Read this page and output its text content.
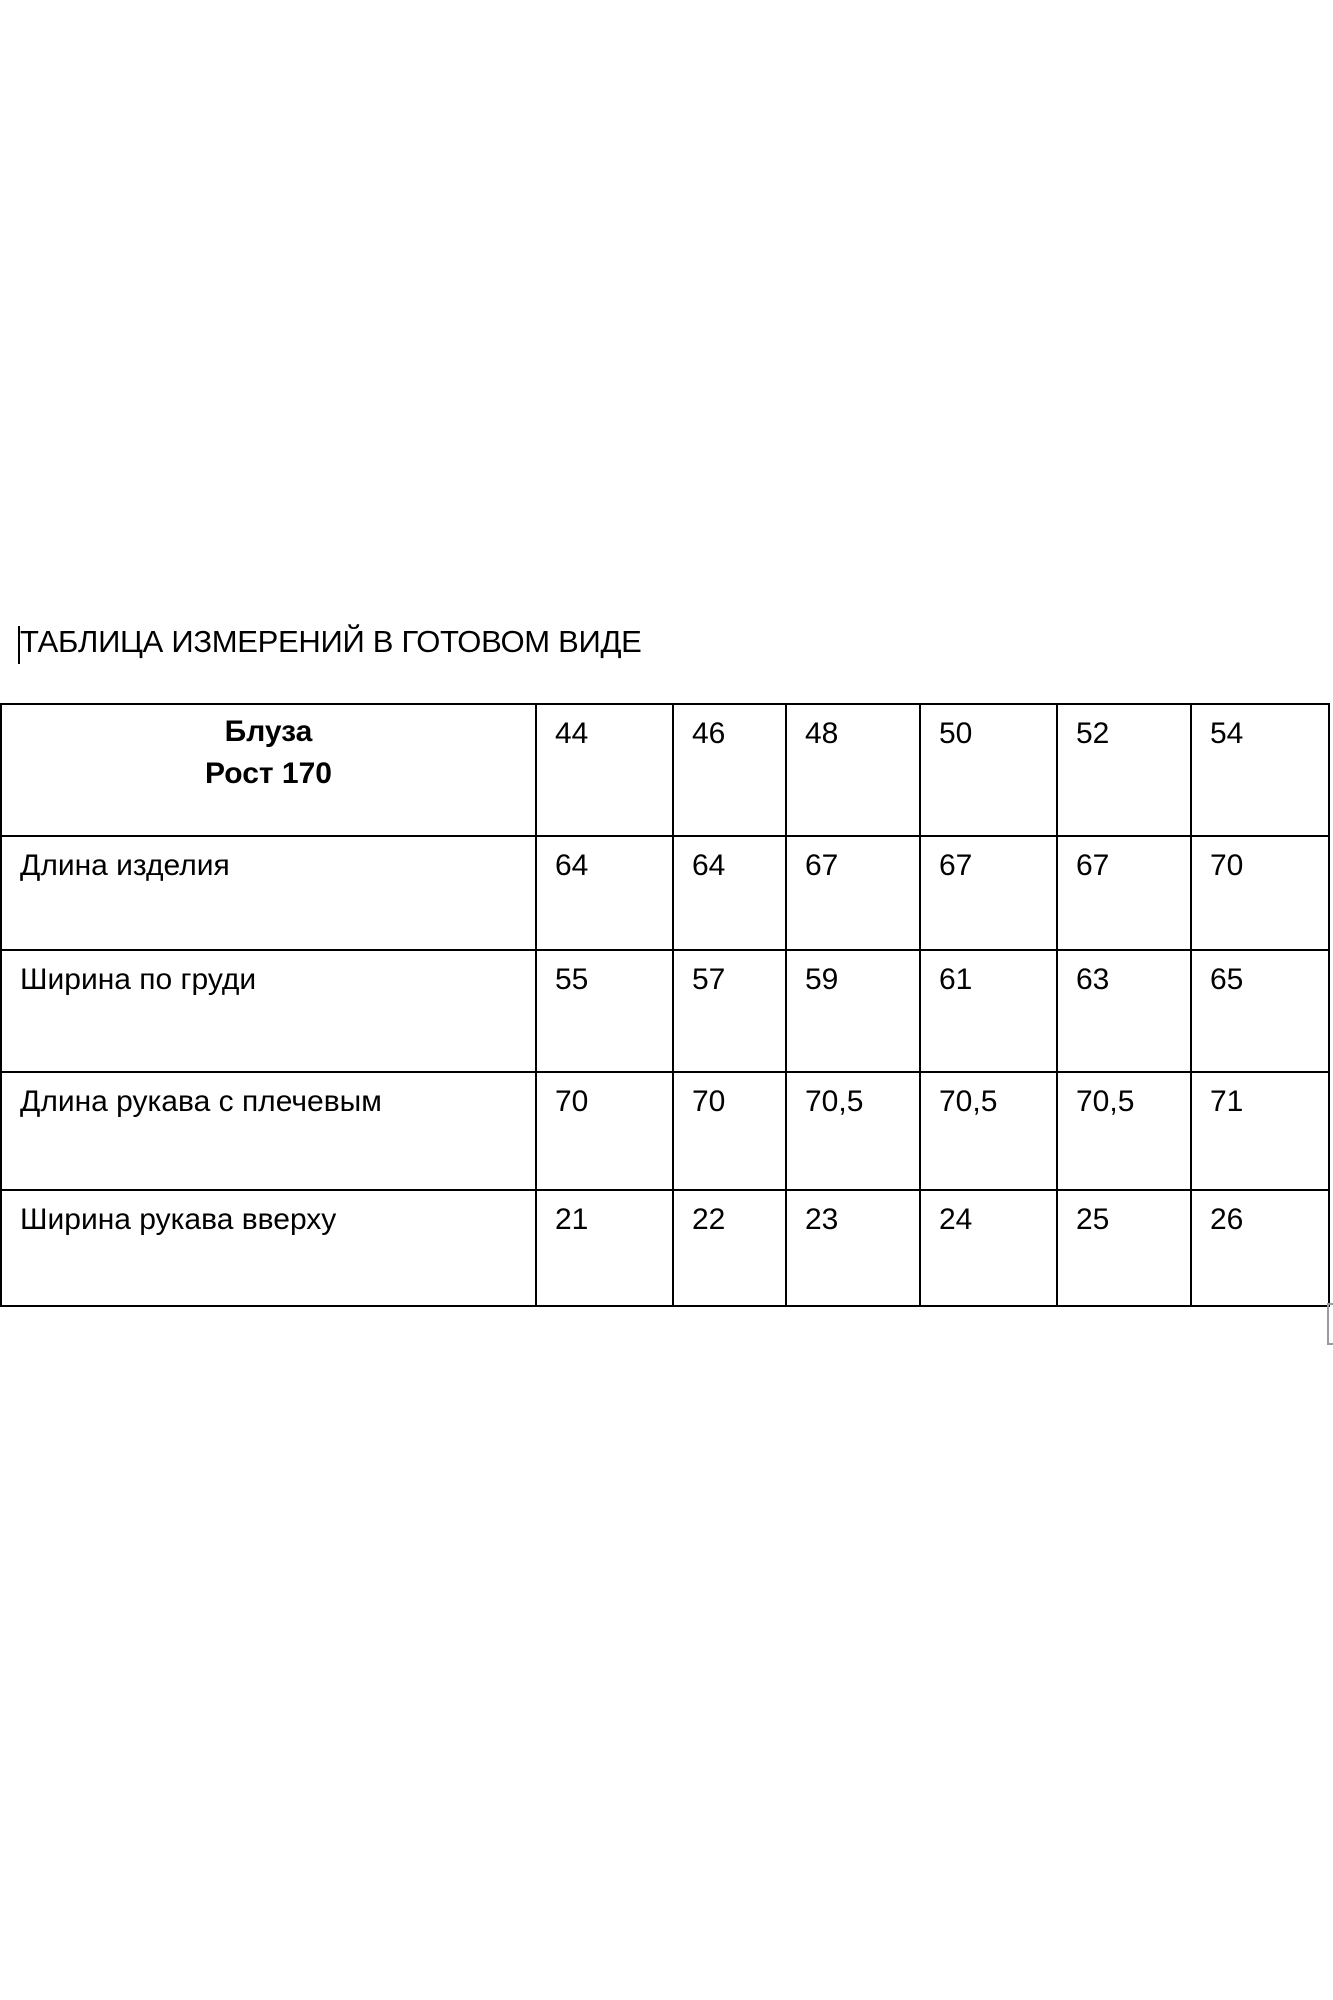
ТАБЛИЦА ИЗМЕРЕНИЙ В ГОТОВОМ ВИДЕ
Блуза
Рост 170	44	46	48	50	52	54
Длина изделия	64	64	67	67	67	70
Ширина по груди	55	57	59	61	63	65
Длина рукава с плечевым	70	70	70,5	70,5	70,5	71
Ширина рукава вверху	21	22	23	24	25	26
